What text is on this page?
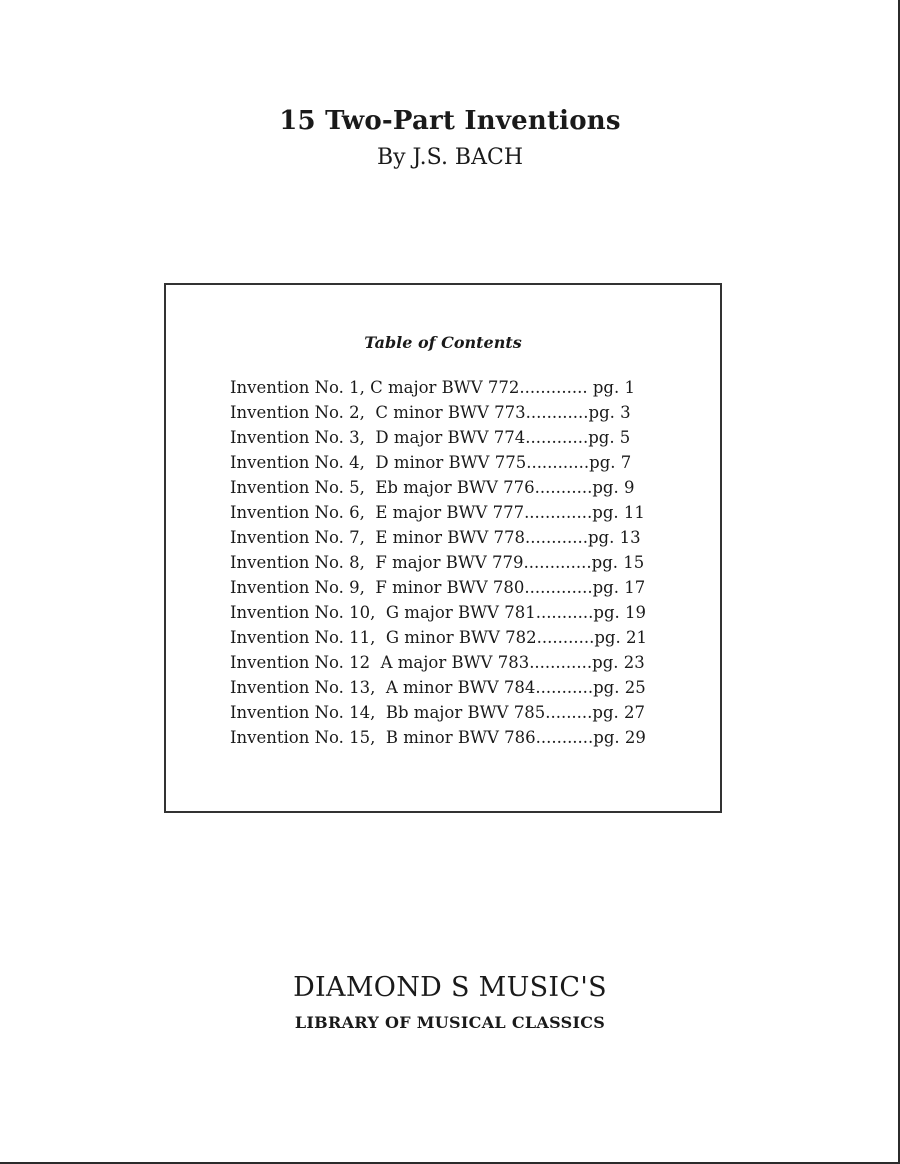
15 Two-Part Inventions
By J.S. BACH
Table of Contents
Invention No. 1, C major BWV 772............. pg. 1
Invention No. 2,  C minor BWV 773............pg. 3
Invention No. 3,  D major BWV 774............pg. 5
Invention No. 4,  D minor BWV 775............pg. 7
Invention No. 5,  Eb major BWV 776...........pg. 9
Invention No. 6,  E major BWV 777.............pg. 11
Invention No. 7,  E minor BWV 778............pg. 13
Invention No. 8,  F major BWV 779.............pg. 15
Invention No. 9,  F minor BWV 780.............pg. 17
Invention No. 10,  G major BWV 781...........pg. 19
Invention No. 11,  G minor BWV 782...........pg. 21
Invention No. 12  A major BWV 783............pg. 23
Invention No. 13,  A minor BWV 784...........pg. 25
Invention No. 14,  Bb major BWV 785.........pg. 27
Invention No. 15,  B minor BWV 786...........pg. 29
DIAMOND S MUSIC'S
LIBRARY OF MUSICAL CLASSICS
